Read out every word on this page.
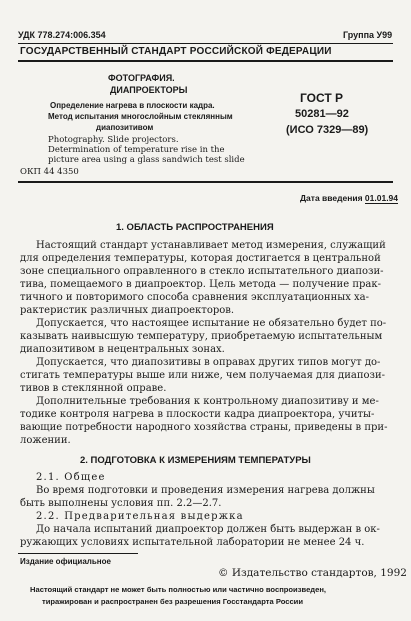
УДК 778.274:006.354	Группа У99
ГОСУДАРСТВЕННЫЙ СТАНДАРТ РОССИЙСКОЙ ФЕДЕРАЦИИ
ФОТОГРАФИЯ.
ДИАПРОЕКТОРЫ
Определение нагрева в плоскости кадра.
Метод испытания многослойным стеклянным
диапозитивом
Photography. Slide projectors.
Determination of temperature rise in the
picture area using a glass sandwich test slide
ОКП 44 4350
ГОСТ Р
50281—92
(ИСО 7329—89)
Дата введения 01.01.94
1. ОБЛАСТЬ РАСПРОСТРАНЕНИЯ
Настоящий стандарт устанавливает метод измерения, служащий
для определения температуры, которая достигается в центральной
зоне специального оправленного в стекло испытательного диапози-
тива, помещаемого в диапроектор. Цель метода — получение прак-
тичного и повторимого способа сравнения эксплуатационных ха-
рактеристик различных диапроекторов.
Допускается, что настоящее испытание не обязательно будет по-
казывать наивысшую температуру, приобретаемую испытательным
диапозитивом в нецентральных зонах.
Допускается, что диапозитивы в оправах других типов могут до-
стигать температуры выше или ниже, чем получаемая для диапози-
тивов в стеклянной оправе.
Дополнительные требования к контрольному диапозитиву и ме-
тодике контроля нагрева в плоскости кадра диапроектора, учиты-
вающие потребности народного хозяйства страны, приведены в при-
ложении.
2. ПОДГОТОВКА К ИЗМЕРЕНИЯМ ТЕМПЕРАТУРЫ
2.1. Общее
Во время подготовки и проведения измерения нагрева должны
быть выполнены условия пп. 2.2—2.7.
2.2. Предварительная выдержка
До начала испытаний диапроектор должен быть выдержан в ок-
ружающих условиях испытательной лаборатории не менее 24 ч.
Издание официальное
© Издательство стандартов, 1992
Настоящий стандарт не может быть полностью или частично воспроизведен,
тиражирован и распространен без разрешения Госстандарта России
